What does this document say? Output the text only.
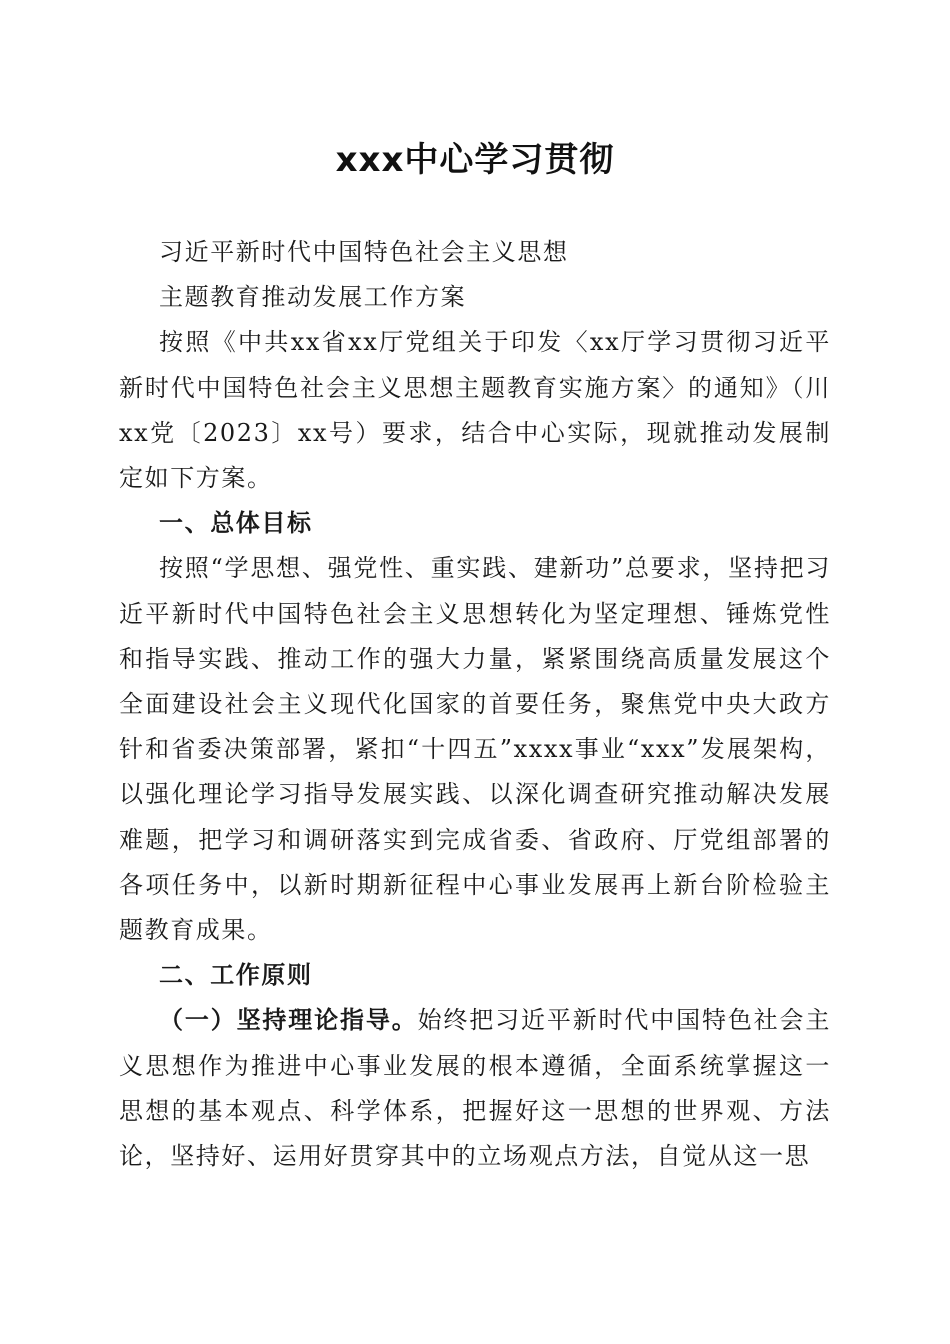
xxx中心学习贯彻

习近平新时代中国特色社会主义思想

主题教育推动发展工作方案

按照《中共xx省xx厅党组关于印发〈xx厅学习贯彻习近平新时代中国特色社会主义思想主题教育实施方案〉的通知》（川xx党〔2023〕xx号）要求，结合中心实际，现就推动发展制定如下方案。

一、总体目标

按照“学思想、强党性、重实践、建新功”总要求，坚持把习近平新时代中国特色社会主义思想转化为坚定理想、锤炼党性和指导实践、推动工作的强大力量，紧紧围绕高质量发展这个全面建设社会主义现代化国家的首要任务，聚焦党中央大政方针和省委决策部署，紧扣“十四五”xxxx事业“xxx”发展架构，以强化理论学习指导发展实践、以深化调查研究推动解决发展难题，把学习和调研落实到完成省委、省政府、厅党组部署的各项任务中，以新时期新征程中心事业发展再上新台阶检验主题教育成果。

二、工作原则

（一）坚持理论指导。始终把习近平新时代中国特色社会主义思想作为推进中心事业发展的根本遵循，全面系统掌握这一思想的基本观点、科学体系，把握好这一思想的世界观、方法论，坚持好、运用好贯穿其中的立场观点方法，自觉从这一思
